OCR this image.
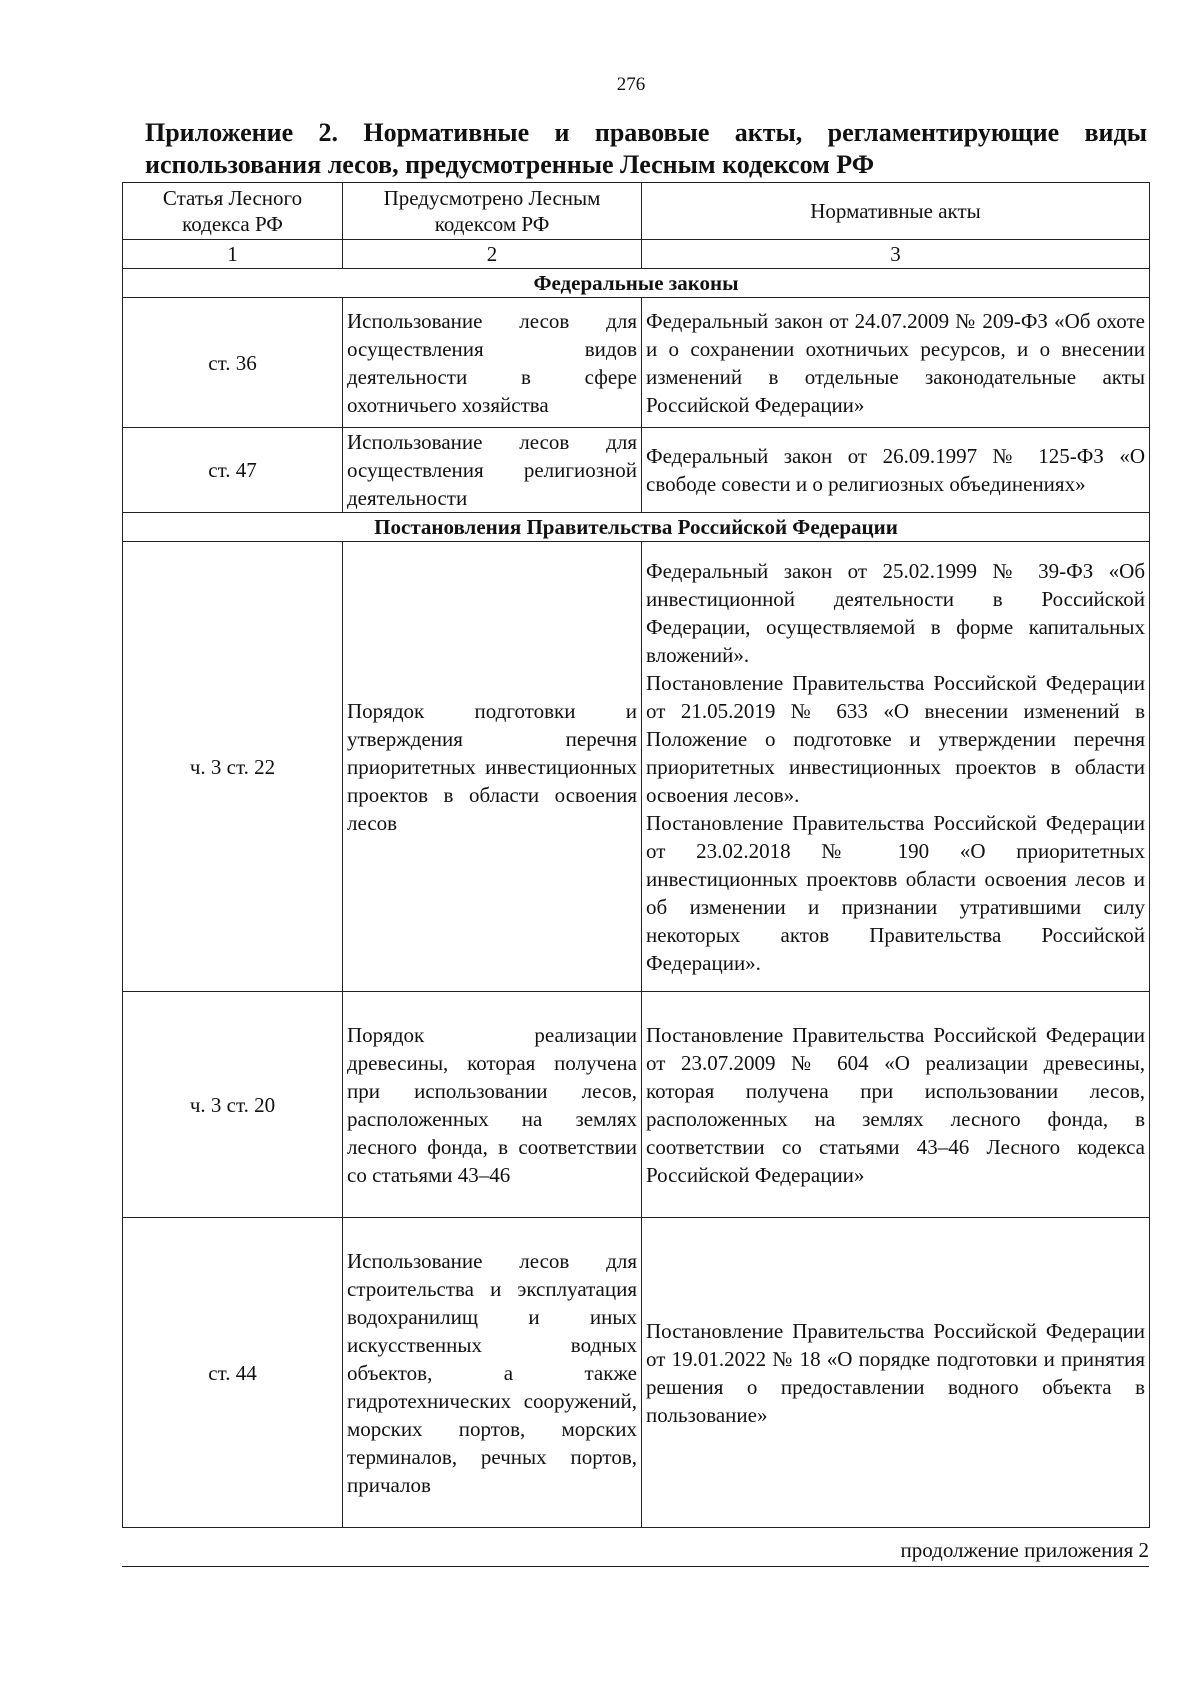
276
Приложение 2. Нормативные и правовые акты, регламентирующие виды использования лесов, предусмотренные Лесным кодексом РФ
Статья Лесного кодекса РФ	Предусмотрено Лесным кодексом РФ	Нормативные акты
1	2	3
Федеральные законы		
ст. 36	Использование лесов для осуществления видов деятельности в сфере охотничьего хозяйства	Федеральный закон от 24.07.2009 № 209-ФЗ «Об охоте и о сохранении охотничьих ресурсов, и о внесении изменений в отдельные законодательные акты Российской Федерации»

ст. 47	Использование лесов для осуществления религиозной деятельности	Федеральный закон от 26.09.1997 № 125-ФЗ «О свободе совести и о религиозных объединениях»

Постановления Правительства Российской Федерации		
ч. 3 ст. 22	Порядок подготовки и утверждения перечня приоритетных инвестиционных проектов в области освоения лесов	Федеральный закон от 25.02.1999 № 39-ФЗ «Об инвестиционной деятельности в Российской Федерации, осуществляемой в форме капитальных вложений».
Постановление Правительства Российской Федерации от 21.05.2019 № 633 «О внесении изменений в Положение о подготовке и утверждении перечня приоритетных инвестиционных проектов в области освоения лесов».
Постановление Правительства Российской Федерации от 23.02.2018 № 190 «О приоритетных инвестиционных проектовв области освоения лесов и об изменении и признании утратившими силу некоторых актов Правительства Российской Федерации».

ч. 3 ст. 20	Порядок реализации древесины, которая получена при использовании лесов, расположенных на землях лесного фонда, в соответствии со статьями 43–46	Постановление Правительства Российской Федерации от 23.07.2009 № 604 «О реализации древесины, которая получена при использовании лесов, расположенных на землях лесного фонда, в соответствии со статьями 43–46 Лесного кодекса Российской Федерации»

ст. 44	Использование лесов для строительства и эксплуатация водохранилищ и иных искусственных водных объектов, а также гидротехнических сооружений, морских портов, морских терминалов, речных портов, причалов	Постановление Правительства Российской Федерации от 19.01.2022 № 18 «О порядке подготовки и принятия решения о предоставлении водного объекта в пользование»
продолжение приложения 2
